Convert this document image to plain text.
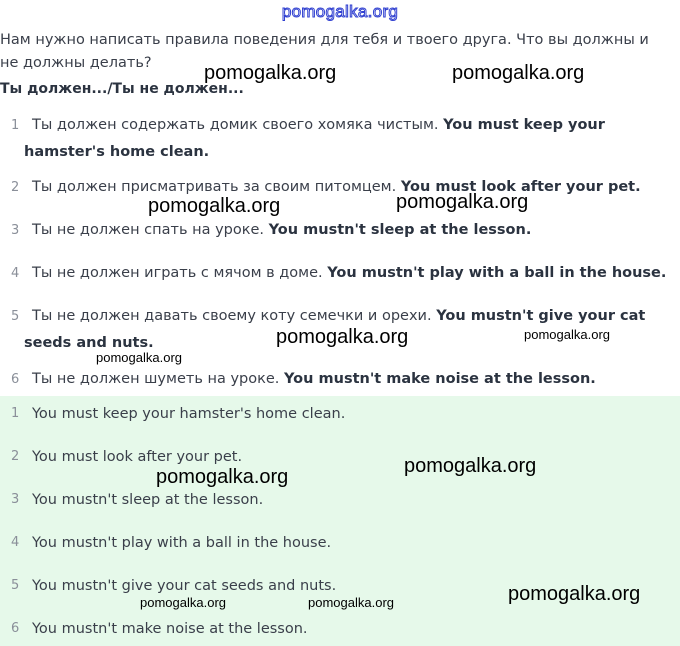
pomogalka.org
Нам нужно написать правила поведения для тебя и твоего друга. Что вы должны и не должны делать?
Ты должен.../Ты не должен...
1 Ты должен содержать домик своего хомяка чистым. You must keep your hamster's home clean.
2 Ты должен присматривать за своим питомцем. You must look after your pet.
3 Ты не должен спать на уроке. You mustn't sleep at the lesson.
4 Ты не должен играть с мячом в доме. You mustn't play with a ball in the house.
5 Ты не должен давать своему коту семечки и орехи. You mustn't give your cat seeds and nuts.
6 Ты не должен шуметь на уроке. You mustn't make noise at the lesson.
1 You must keep your hamster's home clean.
2 You must look after your pet.
3 You mustn't sleep at the lesson.
4 You mustn't play with a ball in the house.
5 You mustn't give your cat seeds and nuts.
6 You mustn't make noise at the lesson.
pomogalka.org	pomogalka.org
pomogalka.org	pomogalka.org
pomogalka.org	pomogalka.org
pomogalka.org
pomogalka.org	pomogalka.org
pomogalka.org
pomogalka.org	pomogalka.org
